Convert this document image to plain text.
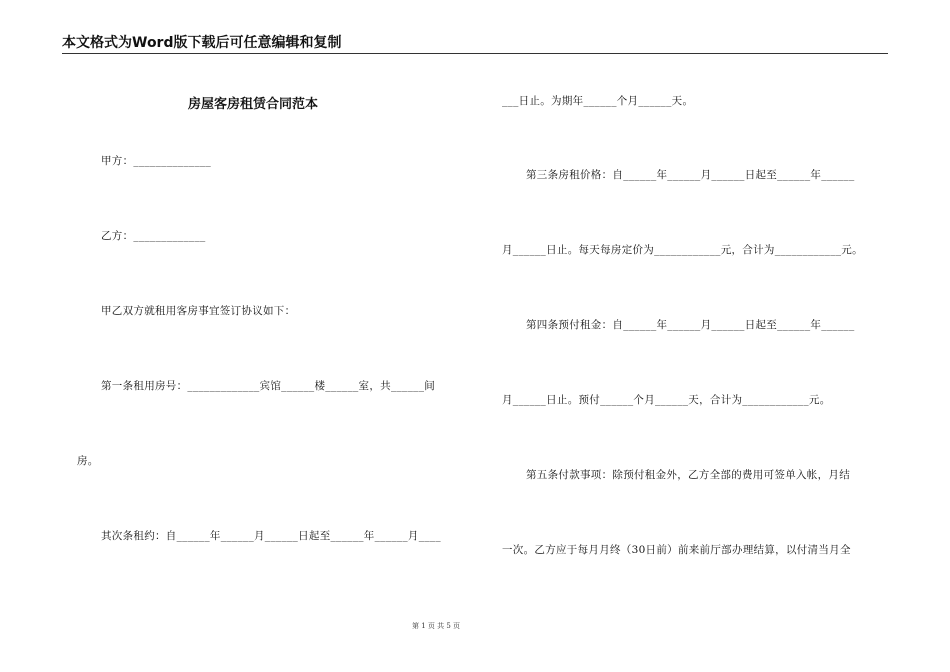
本文格式为Word版下载后可任意编辑和复制
房屋客房租赁合同范本
甲方：______________
乙方：_____________
甲乙双方就租用客房事宜签订协议如下：
第一条租用房号：_____________宾馆______楼______室，共______间
房。
其次条租约：自______年______月______日起至______年______月____
___日止。为期年______个月______天。
第三条房租价格：自______年______月______日起至______年______
月______日止。每天每房定价为____________元，合计为____________元。
第四条预付租金：自______年______月______日起至______年______
月______日止。预付______个月______天，合计为____________元。
第五条付款事项：除预付租金外，乙方全部的费用可签单入帐，月结
一次。乙方应于每月月终（30日前）前来前厅部办理结算，以付清当月全
第 1 页 共 5 页
